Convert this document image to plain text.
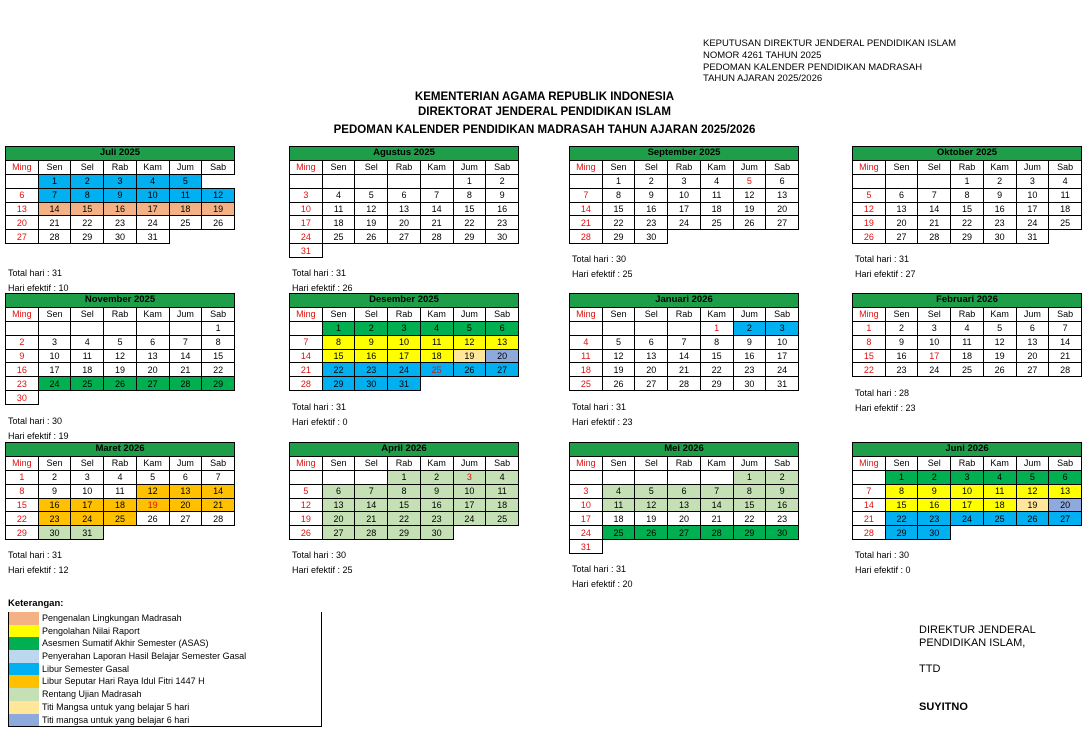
KEPUTUSAN DIREKTUR JENDERAL PENDIDIKAN ISLAM
NOMOR 4261 TAHUN 2025
PEDOMAN KALENDER PENDIDIKAN MADRASAH
TAHUN AJARAN 2025/2026
KEMENTERIAN AGAMA REPUBLIK INDONESIA
DIREKTORAT JENDERAL PENDIDIKAN ISLAM
PEDOMAN KALENDER PENDIDIKAN MADRASAH TAHUN AJARAN 2025/2026
Juli 2025						
Ming	Sen	Sel	Rab	Kam	Jum	Sab
	1	2	3	4	5	
6	7	8	9	10	11	12
13	14	15	16	17	18	19
20	21	22	23	24	25	26
27	28	29	30	31		
Total hari : 31
Hari efektif : 10
Agustus 2025						
Ming	Sen	Sel	Rab	Kam	Jum	Sab
					1	2
3	4	5	6	7	8	9
10	11	12	13	14	15	16
17	18	19	20	21	22	23
24	25	26	27	28	29	30
31						
Total hari : 31
Hari efektif : 26
September 2025						
Ming	Sen	Sel	Rab	Kam	Jum	Sab
	1	2	3	4	5	6
7	8	9	10	11	12	13
14	15	16	17	18	19	20
21	22	23	24	25	26	27
28	29	30				
Total hari : 30
Hari efektif : 25
Oktober 2025						
Ming	Sen	Sel	Rab	Kam	Jum	Sab
			1	2	3	4
5	6	7	8	9	10	11
12	13	14	15	16	17	18
19	20	21	22	23	24	25
26	27	28	29	30	31	
Total hari : 31
Hari efektif : 27
November 2025						
Ming	Sen	Sel	Rab	Kam	Jum	Sab
						1
2	3	4	5	6	7	8
9	10	11	12	13	14	15
16	17	18	19	20	21	22
23	24	25	26	27	28	29
30						
Total hari : 30
Hari efektif : 19
Desember 2025						
Ming	Sen	Sel	Rab	Kam	Jum	Sab
	1	2	3	4	5	6
7	8	9	10	11	12	13
14	15	16	17	18	19	20
21	22	23	24	25	26	27
28	29	30	31			
Total hari : 31
Hari efektif : 0
Januari 2026						
Ming	Sen	Sel	Rab	Kam	Jum	Sab
				1	2	3
4	5	6	7	8	9	10
11	12	13	14	15	16	17
18	19	20	21	22	23	24
25	26	27	28	29	30	31
Total hari : 31
Hari efektif : 23
Februari 2026						
Ming	Sen	Sel	Rab	Kam	Jum	Sab
1	2	3	4	5	6	7
8	9	10	11	12	13	14
15	16	17	18	19	20	21
22	23	24	25	26	27	28
Total hari : 28
Hari efektif : 23
Maret 2026						
Ming	Sen	Sel	Rab	Kam	Jum	Sab
1	2	3	4	5	6	7
8	9	10	11	12	13	14
15	16	17	18	19	20	21
22	23	24	25	26	27	28
29	30	31				
Total hari : 31
Hari efektif : 12
April 2026						
Ming	Sen	Sel	Rab	Kam	Jum	Sab
			1	2	3	4
5	6	7	8	9	10	11
12	13	14	15	16	17	18
19	20	21	22	23	24	25
26	27	28	29	30		
Total hari : 30
Hari efektif : 25
Mei 2026						
Ming	Sen	Sel	Rab	Kam	Jum	Sab
					1	2
3	4	5	6	7	8	9
10	11	12	13	14	15	16
17	18	19	20	21	22	23
24	25	26	27	28	29	30
31						
Total hari : 31
Hari efektif : 20
Juni 2026						
Ming	Sen	Sel	Rab	Kam	Jum	Sab
	1	2	3	4	5	6
7	8	9	10	11	12	13
14	15	16	17	18	19	20
21	22	23	24	25	26	27
28	29	30				
Total hari : 30
Hari efektif : 0
Keterangan:
Pengenalan Lingkungan Madrasah
Pengolahan Nilai Raport
Asesmen Sumatif Akhir Semester (ASAS)
Penyerahan Laporan Hasil Belajar Semester Gasal
Libur Semester Gasal
Libur Seputar Hari Raya Idul Fitri 1447 H
Rentang Ujian Madrasah
Titi Mangsa untuk yang belajar 5 hari
Titi mangsa untuk yang belajar 6 hari
DIREKTUR JENDERAL
PENDIDIKAN ISLAM,
TTD
SUYITNO
